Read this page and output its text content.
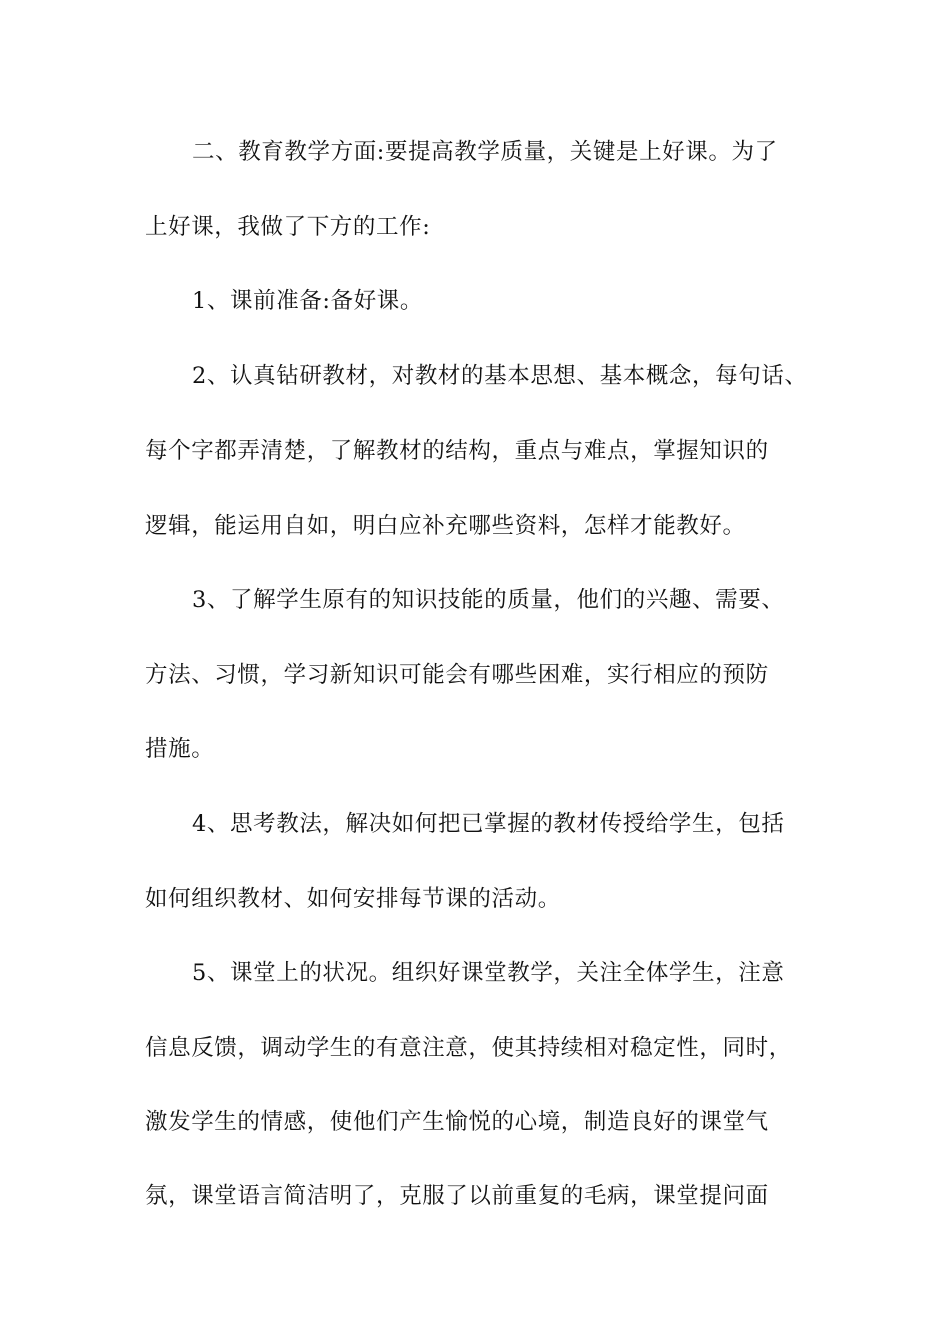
二、教育教学方面:要提高教学质量，关键是上好课。为了
上好课，我做了下方的工作:
1、课前准备:备好课。
2、认真钻研教材，对教材的基本思想、基本概念，每句话、
每个字都弄清楚，了解教材的结构，重点与难点，掌握知识的
逻辑，能运用自如，明白应补充哪些资料，怎样才能教好。
3、了解学生原有的知识技能的质量，他们的兴趣、需要、
方法、习惯，学习新知识可能会有哪些困难，实行相应的预防
措施。
4、思考教法，解决如何把已掌握的教材传授给学生，包括
如何组织教材、如何安排每节课的活动。
5、课堂上的状况。组织好课堂教学，关注全体学生，注意
信息反馈，调动学生的有意注意，使其持续相对稳定性，同时，
激发学生的情感，使他们产生愉悦的心境，制造良好的课堂气
氛，课堂语言简洁明了，克服了以前重复的毛病，课堂提问面
